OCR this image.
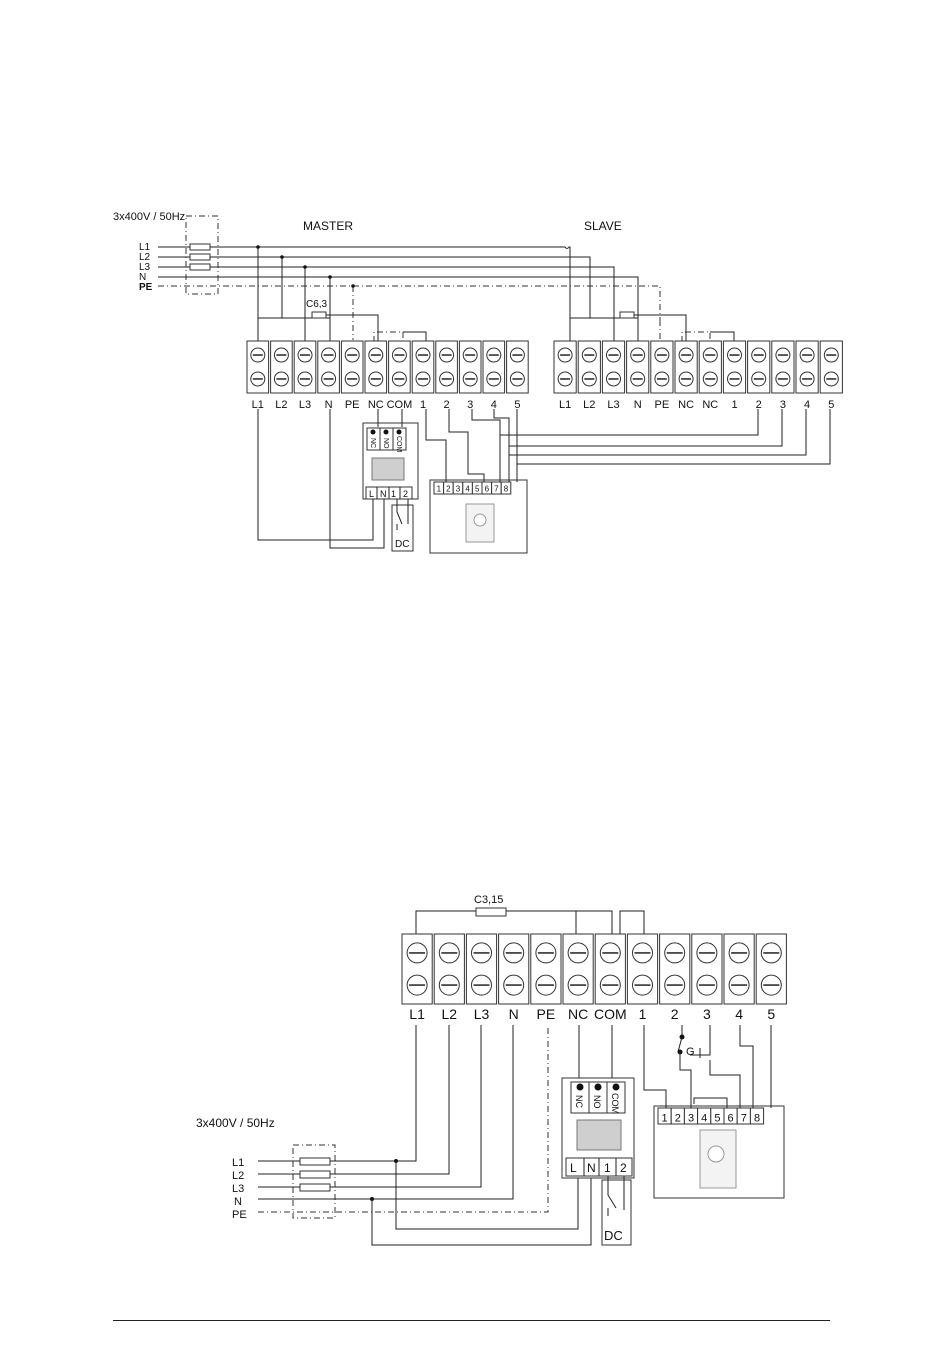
3x400V / 50Hz
MASTER	SLAVE
L1
L2
L3
N
PE
C6,3
L1 L2 L3 N PE NC COM 1 2 3 4 5	L1 L2 L3 N PE NC NC 1 2 3 4 5
NC NO COM
L N 1 2
DC
1 2 3 4 5 6 7 8
C3,15
L1 L2 L3 N PE NC COM 1 2 3 4 5
3x400V / 50Hz
L1
L2
L3
N
PE
NC NO COM
L N 1 2
DC
1 2 3 4 5 6 7 8
G
